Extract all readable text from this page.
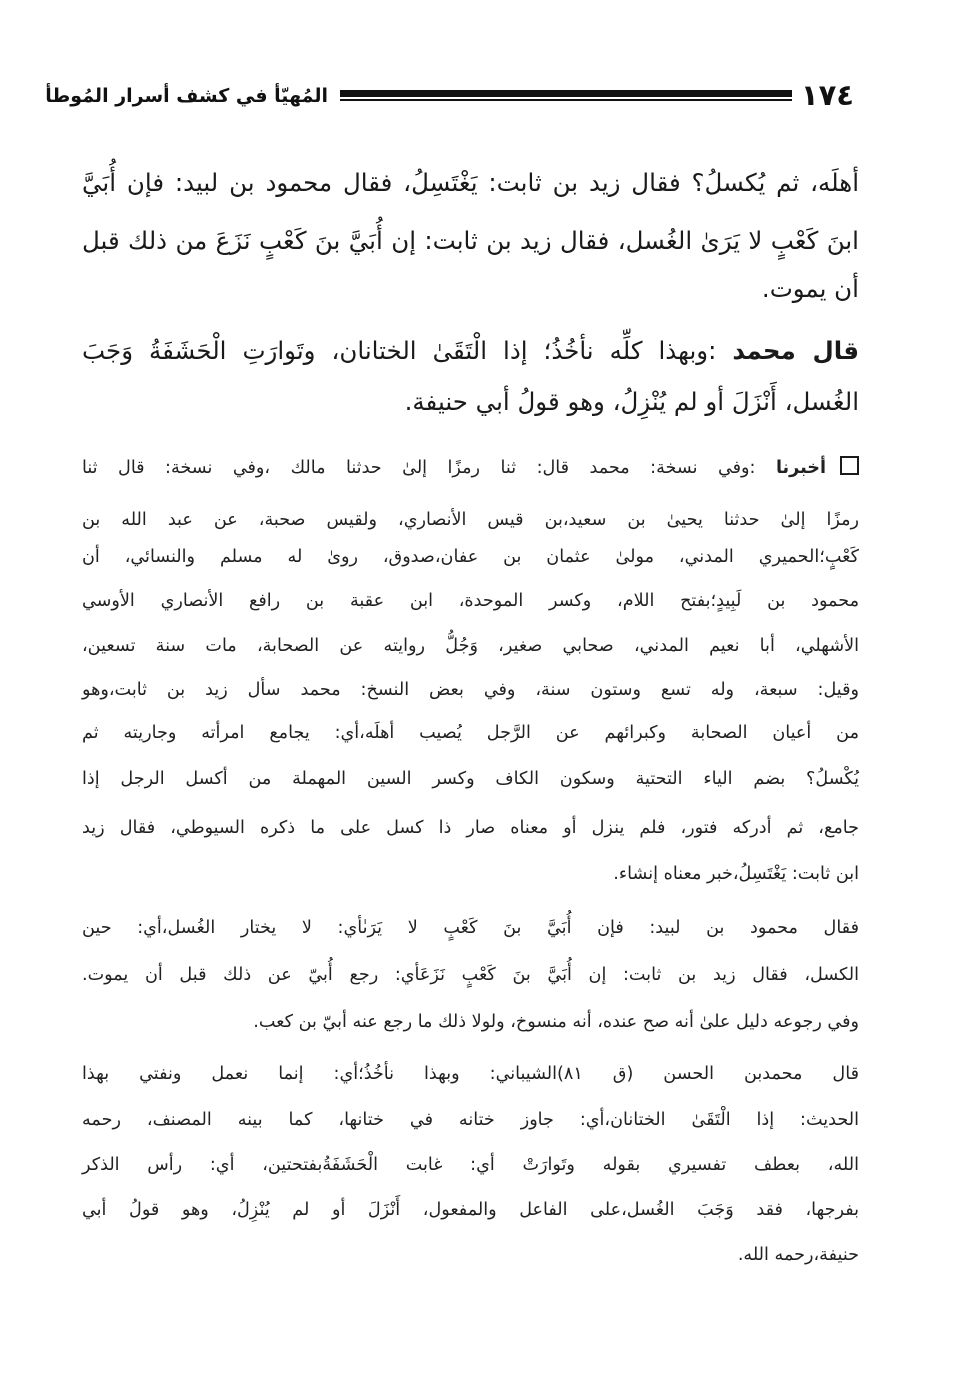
١٧٤
المُهيّأ في كشف أسرار المُوطأ
أهلَه، ثم يُكسلُ؟ فقال زيد بن ثابت: يَغْتَسِلُ، فقال محمود بن لبيد: فإن أُبَيَّ
ابنَ كَعْبٍ لا يَرَىٰ الغُسل، فقال زيد بن ثابت: إن أُبَيَّ بنَ كَعْبٍ نَزَعَ من ذلك قبل
أن يموت.
قال محمد :وبهذا كلِّه نأخُذُ؛ إذا الْتَقَىٰ الختانان، وتَوارَتِ الْحَشَفَةُ وَجَبَ
الغُسل، أَنْزَلَ أو لم يُنْزِلُ، وهو قولُ أبي حنيفة.
أخبرنا :وفي نسخة: محمد قال: ثنا رمزًا إلىٰ حدثنا مالك ،وفي نسخة: قال ثنا
رمزًا إلىٰ حدثنا يحيىٰ بن سعيد،بن قيس الأنصاري، ولقيس صحبة، عن عبد الله بن
كَعْبٍ؛الحميري المدني، مولىٰ عثمان بن عفان،صدوق، روىٰ له مسلم والنسائي، أن
محمود بن لَبِيدٍ؛بفتح اللام، وكسر الموحدة، ابن عقبة بن رافع الأنصاري الأوسي
الأشهلي، أبا نعيم المدني، صحابي صغير، وَجُلُّ روايته عن الصحابة، مات سنة تسعين،
وقيل: سبعة، وله تسع وستون سنة، وفي بعض النسخ: محمد سأل زيد بن ثابت،وهو
من أعيان الصحابة وكبرائهم عن الرَّجل يُصيب أهلَه،أي: يجامع امرأته وجاريته ثم
يُكْسلُ؟ بضم الياء التحتية وسكون الكاف وكسر السين المهملة من أكسل الرجل إذا
جامع، ثم أدركه فتور، فلم ينزل أو معناه صار ذا كسل على ما ذكره السيوطي، فقال زيد
ابن ثابت: يَغْتَسِلُ،خبر معناه إنشاء.
فقال محمود بن لبيد: فإن أُبَيَّ بنَ كَعْبٍ لا يَرَىٰأي: لا يختار الغُسل،أي: حين
الكسل، فقال زيد بن ثابت: إن أُبَيَّ بنَ كَعْبٍ نَزَعَأي: رجع أُبيّ عن ذلك قبل أن يموت.
وفي رجوعه دليل علىٰ أنه صح عنده، أنه منسوخ، ولولا ذلك ما رجع عنه أبيّ بن كعب.
قال محمدبن الحسن (ق ٨١)الشيباني: وبهذا نأخُذُ؛أي: إنما نعمل ونفتي بهذا
الحديث: إذا الْتَقَىٰ الختانان،أي: جاوز ختانه في ختانها، كما بينه المصنف، رحمه
الله، بعطف تفسيري بقوله وتَوارَتْ أي: غابت الْحَشَفَةُبفتحتين، أي: رأس الذكر
بفرجها، فقد وَجَبَ الغُسل،على الفاعل والمفعول، أَنْزَلَ أو لم يُنْزِلُ، وهو قولُ أبي
حنيفة،رحمه الله.
